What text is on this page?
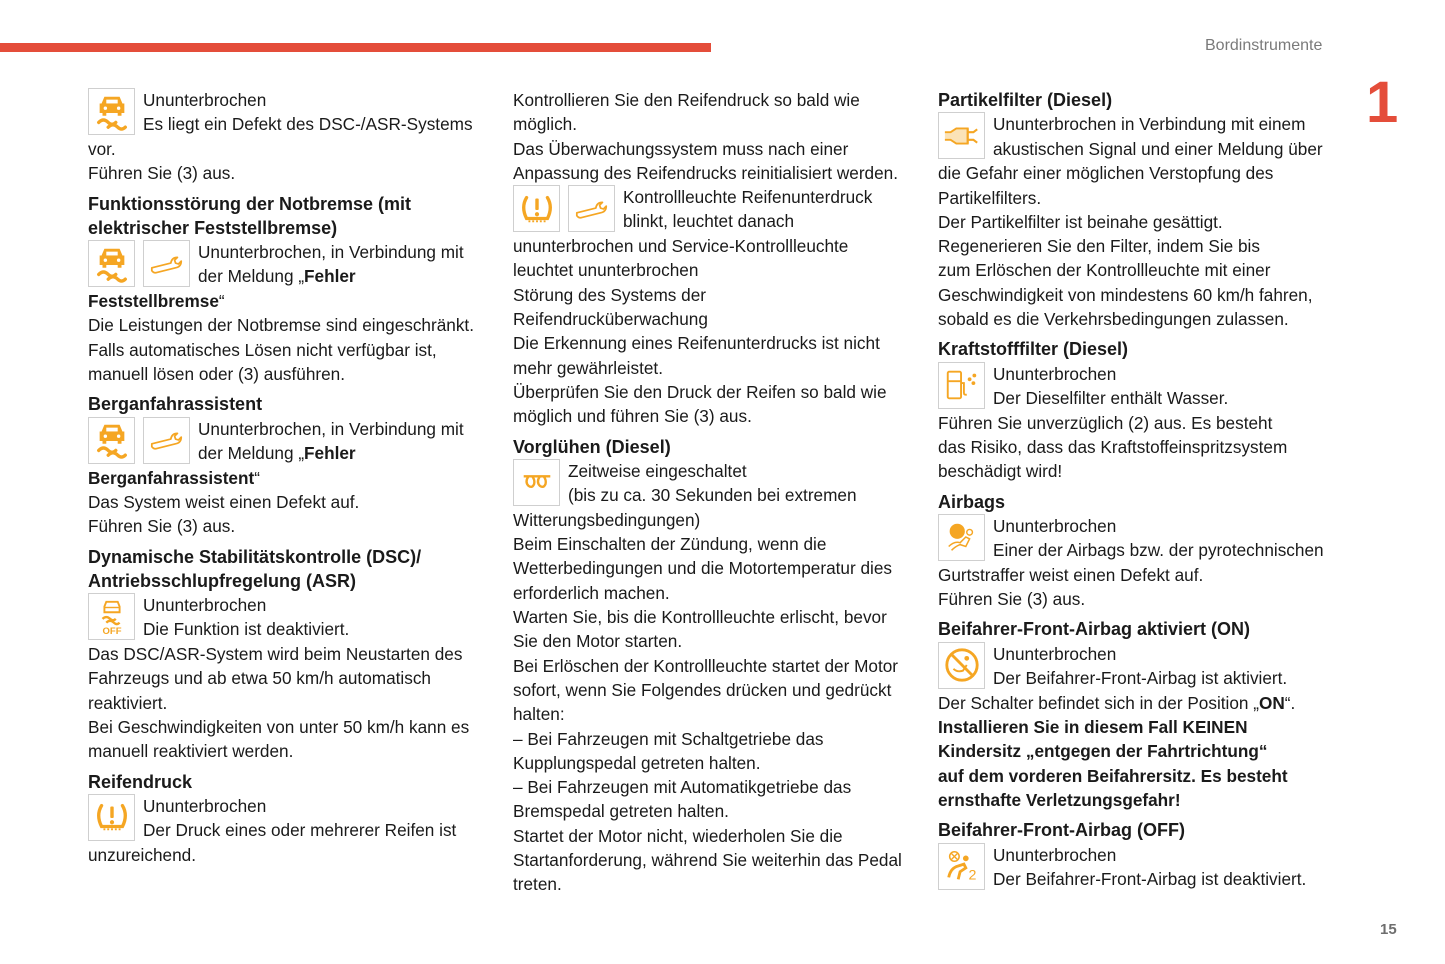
Bordinstrumente
1
15

Ununterbrochen

Es liegt ein Defekt des DSC-/ASR-Systems

vor.

Führen Sie (3) aus.

Funktionsstörung der Notbremse (mit elektrischer Feststellbremse)

Ununterbrochen, in Verbindung mit

der Meldung „Fehler

Feststellbremse“

Die Leistungen der Notbremse sind eingeschränkt.

Falls automatisches Lösen nicht verfügbar ist,

manuell lösen oder (3) ausführen.

Berganfahrassistent

Ununterbrochen, in Verbindung mit

der Meldung „Fehler

Berganfahrassistent“

Das System weist einen Defekt auf.

Führen Sie (3) aus.

Dynamische Stabilitätskontrolle (DSC)/ Antriebsschlupfregelung (ASR)
OFF

Ununterbrochen

Die Funktion ist deaktiviert.

Das DSC/ASR-System wird beim Neustarten des

Fahrzeugs und ab etwa 50 km/h automatisch

reaktiviert.

Bei Geschwindigkeiten von unter 50 km/h kann es

manuell reaktiviert werden.

Reifendruck

Ununterbrochen

Der Druck eines oder mehrerer Reifen ist

unzureichend.

Kontrollieren Sie den Reifendruck so bald wie

möglich.

Das Überwachungssystem muss nach einer

Anpassung des Reifendrucks reinitialisiert werden.

Kontrollleuchte Reifenunterdruck

blinkt, leuchtet danach

ununterbrochen und Service-Kontrollleuchte

leuchtet ununterbrochen

Störung des Systems der

Reifendrucküberwachung

Die Erkennung eines Reifenunterdrucks ist nicht

mehr gewährleistet.

Überprüfen Sie den Druck der Reifen so bald wie

möglich und führen Sie (3) aus.

Vorglühen (Diesel)

Zeitweise eingeschaltet

(bis zu ca. 30 Sekunden bei extremen

Witterungsbedingungen)

Beim Einschalten der Zündung, wenn die

Wetterbedingungen und die Motortemperatur dies

erforderlich machen.

Warten Sie, bis die Kontrollleuchte erlischt, bevor

Sie den Motor starten.

Bei Erlöschen der Kontrollleuchte startet der Motor

sofort, wenn Sie Folgendes drücken und gedrückt

halten:

– Bei Fahrzeugen mit Schaltgetriebe das

Kupplungspedal getreten halten.

– Bei Fahrzeugen mit Automatikgetriebe das

Bremspedal getreten halten.

Startet der Motor nicht, wiederholen Sie die

Startanforderung, während Sie weiterhin das Pedal

treten.

Partikelfilter (Diesel)

Ununterbrochen in Verbindung mit einem

akustischen Signal und einer Meldung über

die Gefahr einer möglichen Verstopfung des

Partikelfilters.

Der Partikelfilter ist beinahe gesättigt.

Regenerieren Sie den Filter, indem Sie bis

zum Erlöschen der Kontrollleuchte mit einer

Geschwindigkeit von mindestens 60 km/h fahren,

sobald es die Verkehrsbedingungen zulassen.

Kraftstofffilter (Diesel)

Ununterbrochen

Der Dieselfilter enthält Wasser.

Führen Sie unverzüglich (2) aus. Es besteht

das Risiko, dass das Kraftstoffeinspritzsystem

beschädigt wird!

Airbags

Ununterbrochen

Einer der Airbags bzw. der pyrotechnischen

Gurtstraffer weist einen Defekt auf.

Führen Sie (3) aus.

Beifahrer-Front-Airbag aktiviert (ON)

Ununterbrochen

Der Beifahrer-Front-Airbag ist aktiviert.

Der Schalter befindet sich in der Position „ON“.

Installieren Sie in diesem Fall KEINEN

Kindersitz „entgegen der Fahrtrichtung“

auf dem vorderen Beifahrersitz. Es besteht

ernsthafte Verletzungsgefahr!

Beifahrer-Front-Airbag (OFF)
2

Ununterbrochen

Der Beifahrer-Front-Airbag ist deaktiviert.
